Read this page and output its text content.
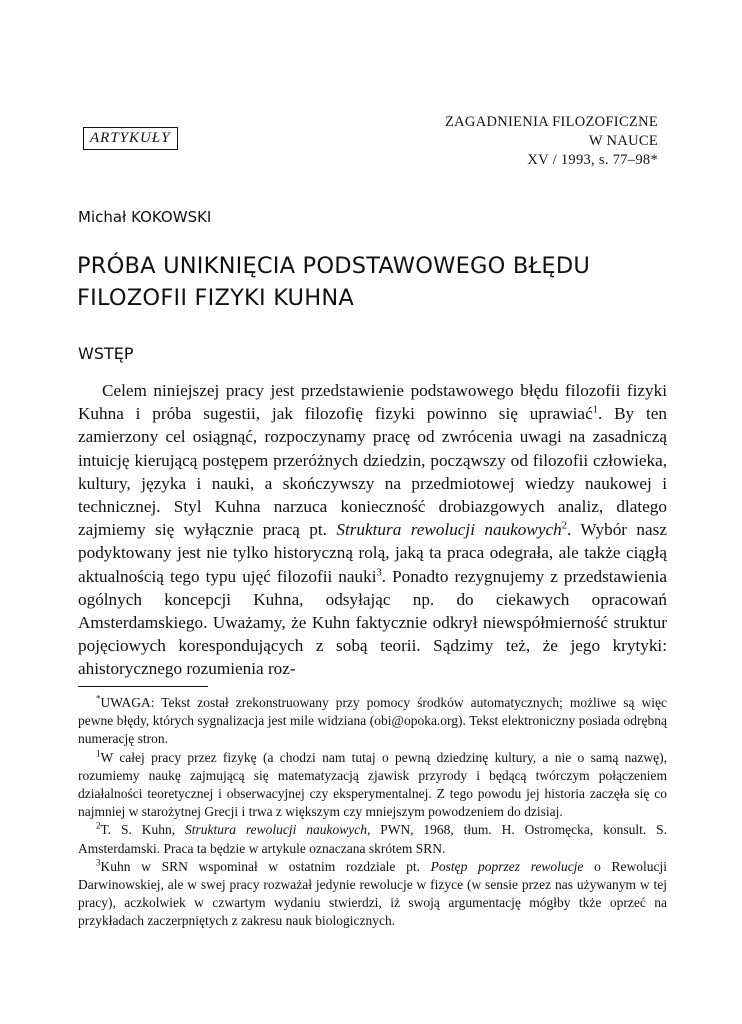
ZAGADNIENIA FILOZOFICZNE
W NAUCE
XV / 1993, s. 77–98*
ARTYKUŁY
Michał KOKOWSKI
PRÓBA UNIKNIĘCIA PODSTAWOWEGO BŁĘDU
FILOZOFII FIZYKI KUHNA
WSTĘP

Celem niniejszej pracy jest przedstawienie podstawowego błędu filozofii fizyki Kuhna i próba sugestii, jak filozofię fizyki powinno się uprawiać$^1$. By ten zamierzony cel osiągnąć, rozpoczynamy pracę od zwrócenia uwagi na zasadniczą intuicję kierującą postępem przeróżnych dziedzin, począwszy od filozofii człowieka, kultury, języka i nauki, a skończywszy na przedmiotowej wiedzy naukowej i technicznej. Styl Kuhna narzuca konieczność drobiazgowych analiz, dlatego zajmiemy się wyłącznie pracą pt. Struktura rewolucji naukowych$^2$. Wybór nasz podyktowany jest nie tylko historyczną rolą, jaką ta praca odegrała, ale także ciągłą aktualnością tego typu ujęć filozofii nauki$^3$. Ponadto rezygnujemy z przedstawienia ogólnych koncepcji Kuhna, odsyłając np. do ciekawych opracowań Amsterdamskiego. Uważamy, że Kuhn faktycznie odkrył niewspółmierność struktur pojęciowych korespondujących z sobą teorii. Sądzimy też, że jego krytyki: ahistorycznego rozumienia roz-

*UWAGA: Tekst został zrekonstruowany przy pomocy środków automatycznych; możliwe są więc pewne błędy, których sygnalizacja jest mile widziana (obi@opoka.org). Tekst elektroniczny posiada odrębną numerację stron.

$^1$W całej pracy przez fizykę (a chodzi nam tutaj o pewną dziedzinę kultury, a nie o samą nazwę), rozumiemy naukę zajmującą się matematyzacją zjawisk przyrody i będącą twórczym połączeniem działalności teoretycznej i obserwacyjnej czy eksperymentalnej. Z tego powodu jej historia zaczęła się co najmniej w starożytnej Grecji i trwa z większym czy mniejszym powodzeniem do dzisiaj.

$^2$T. S. Kuhn, Struktura rewolucji naukowych, PWN, 1968, tłum. H. Ostromęcka, konsult. S. Amsterdamski. Praca ta będzie w artykule oznaczana skrótem SRN.

$^3$Kuhn w SRN wspominał w ostatnim rozdziale pt. Postęp poprzez rewolucje o Rewolucji Darwinowskiej, ale w swej pracy rozważał jedynie rewolucje w fizyce (w sensie przez nas używanym w tej pracy), aczkolwiek w czwartym wydaniu stwierdzi, iż swoją argumentację mógłby tkże oprzeć na przykładach zaczerpniętych z zakresu nauk biologicznych.
